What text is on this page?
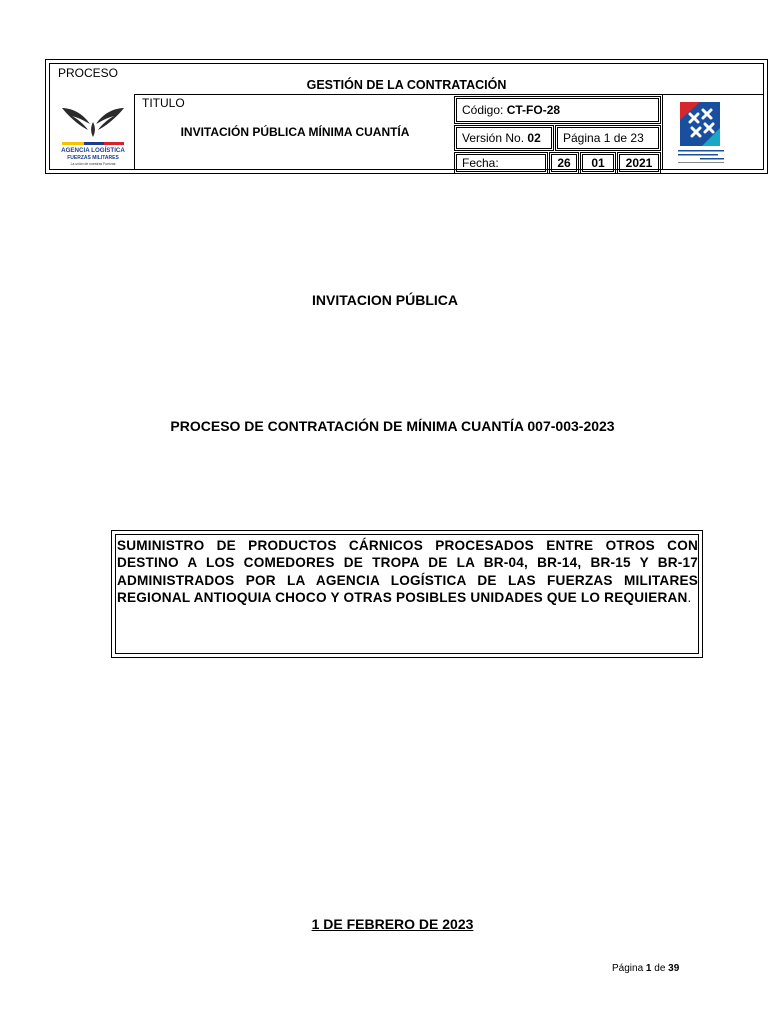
PROCESO
GESTIÓN DE LA CONTRATACIÓN
AGENCIA LOGÍSTICA
FUERZAS MILITARES
La unión de nuestras Fuerzas
TITULO
INVITACIÓN PÚBLICA MÍNIMA CUANTÍA
Código: CT-FO-28
Versión No. 02	Página 1 de 23
Fecha:	26	01	2021
INVITACION PÚBLICA
PROCESO DE CONTRATACIÓN DE MÍNIMA CUANTÍA 007-003-2023
SUMINISTRO DE PRODUCTOS CÁRNICOS PROCESADOS ENTRE OTROS CON DESTINO A LOS COMEDORES DE TROPA DE LA BR-04, BR-14, BR-15 Y BR-17 ADMINISTRADOS POR LA AGENCIA LOGÍSTICA DE LAS FUERZAS MILITARES REGIONAL ANTIOQUIA CHOCO Y OTRAS POSIBLES UNIDADES QUE LO REQUIERAN.
1 DE FEBRERO DE 2023
Página 1 de 39
